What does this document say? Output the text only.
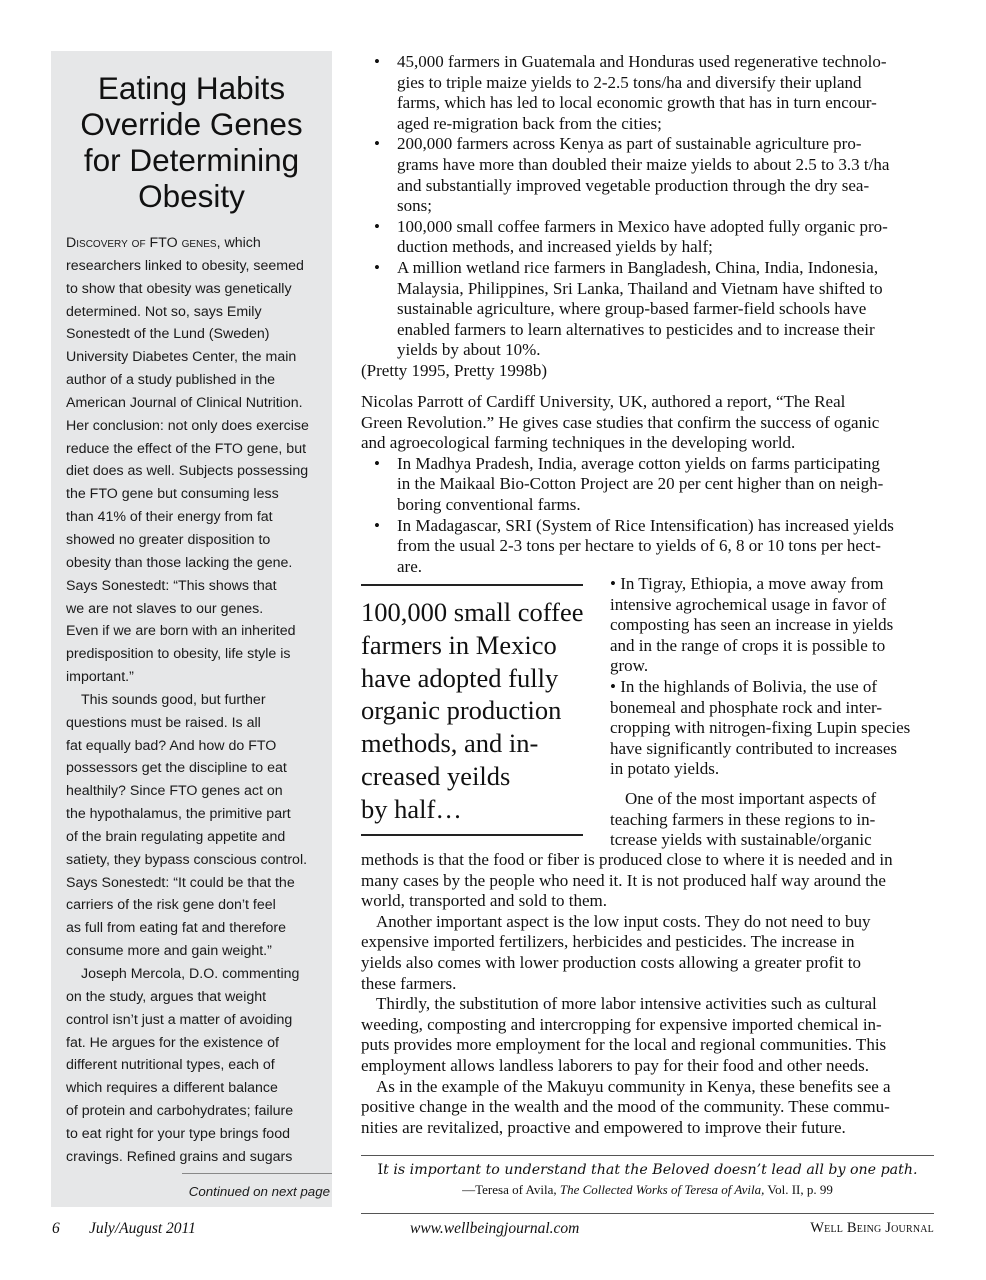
Eating Habits
Override Genes
for Determining
Obesity
Discovery of FTO genes, which
researchers linked to obesity, seemed
to show that obesity was genetically
determined. Not so, says Emily
Sonestedt of the Lund (Sweden)
University Diabetes Center, the main
author of a study published in the
American Journal of Clinical Nutrition.
Her conclusion: not only does exercise
reduce the effect of the FTO gene, but
diet does as well. Subjects possessing
the FTO gene but consuming less
than 41% of their energy from fat
showed no greater disposition to
obesity than those lacking the gene.
Says Sonestedt: “This shows that
we are not slaves to our genes.
Even if we are born with an inherited
predisposition to obesity, life style is
important.”
This sounds good, but further
questions must be raised. Is all
fat equally bad? And how do FTO
possessors get the discipline to eat
healthily? Since FTO genes act on
the hypothalamus, the primitive part
of the brain regulating appetite and
satiety, they bypass conscious control.
Says Sonestedt: “It could be that the
carriers of the risk gene don’t feel
as full from eating fat and therefore
consume more and gain weight.”
Joseph Mercola, D.O. commenting
on the study, argues that weight
control isn’t just a matter of avoiding
fat. He argues for the existence of
different nutritional types, each of
which requires a different balance
of protein and carbohydrates; failure
to eat right for your type brings food
cravings. Refined grains and sugars
Continued on next page
•	45,000 farmers in Guatemala and Honduras used regenerative technolo-
gies to triple maize yields to 2-2.5 tons/ha and diversify their upland
farms, which has led to local economic growth that has in turn encour-
aged re-migration back from the cities;
•	200,000 farmers across Kenya as part of sustainable agriculture pro-
grams have more than doubled their maize yields to about 2.5 to 3.3 t/ha
and substantially improved vegetable production through the dry sea-
sons;
•	100,000 small coffee farmers in Mexico have adopted fully organic pro-
duction methods, and increased yields by half;
•	A million wetland rice farmers in Bangladesh, China, India, Indonesia,
Malaysia, Philippines, Sri Lanka, Thailand and Vietnam have shifted to
sustainable agriculture, where group-based farmer-field schools have
enabled farmers to learn alternatives to pesticides and to increase their
yields by about 10%.
(Pretty 1995, Pretty 1998b)
Nicolas Parrott of Cardiff University, UK, authored a report, “The Real
Green Revolution.” He gives case studies that confirm the success of oganic
and agroecological farming techniques in the developing world.
•	In Madhya Pradesh, India, average cotton yields on farms participating
in the Maikaal Bio-Cotton Project are 20 per cent higher than on neigh-
boring conventional farms.
•	In Madagascar, SRI (System of Rice Intensification) has increased yields
from the usual 2-3 tons per hectare to yields of 6, 8 or 10 tons per hect-
are.
100,000 small coffee
farmers in Mexico
have adopted fully
organic production
methods, and in-
creased yeilds
by half…
• In Tigray, Ethiopia, a move away from
intensive agrochemical usage in favor of
composting has seen an increase in yields
and in the range of crops it is possible to
grow.
• In the highlands of Bolivia, the use of
bonemeal and phosphate rock and inter-
cropping with nitrogen-fixing Lupin species
have significantly contributed to increases
in potato yields.
One of the most important aspects of
teaching farmers in these regions to in-
tcrease yields with sustainable/organic
methods is that the food or fiber is produced close to where it is needed and in
many cases by the people who need it. It is not produced half way around the
world, transported and sold to them.
Another important aspect is the low input costs. They do not need to buy
expensive imported fertilizers, herbicides and pesticides. The increase in
yields also comes with lower production costs allowing a greater profit to
these farmers.
Thirdly, the substitution of more labor intensive activities such as cultural
weeding, composting and intercropping for expensive imported chemical in-
puts provides more employment for the local and regional communities. This
employment allows landless laborers to pay for their food and other needs.
As in the example of the Makuyu community in Kenya, these benefits see a
positive change in the wealth and the mood of the community. These commu-
nities are revitalized, proactive and empowered to improve their future.
It is important to understand that the Beloved doesn’t lead all by one path.
—Teresa of Avila, The Collected Works of Teresa of Avila, Vol. II, p. 99
6 July/August 2011	www.wellbeingjournal.com	Well Being Journal
